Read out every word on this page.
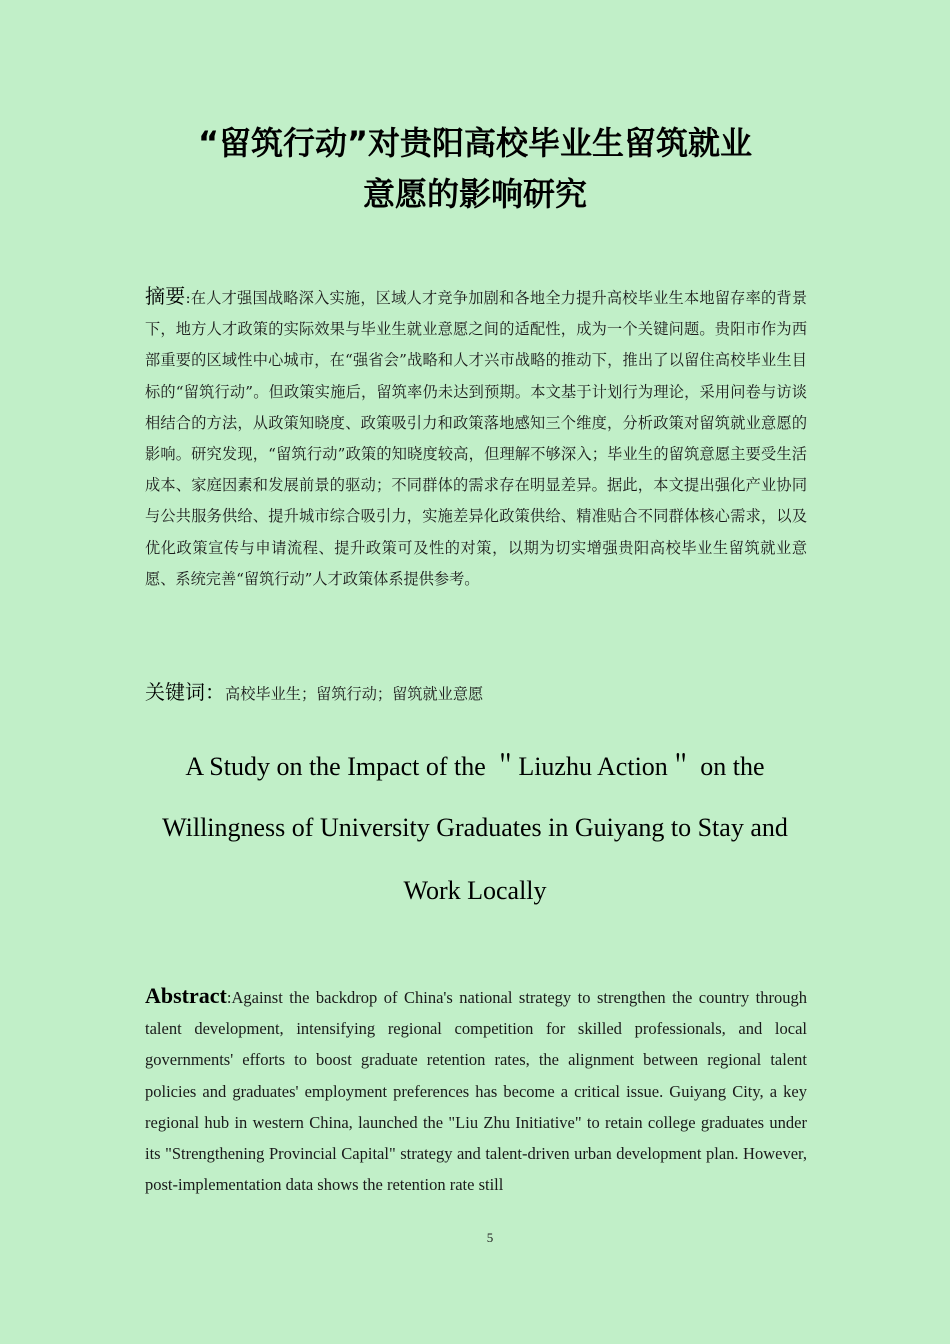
“留筑行动”对贵阳高校毕业生留筑就业
意愿的影响研究
摘要:在人才强国战略深入实施，区域人才竞争加剧和各地全力提升高校毕业生本地留存率的背景下，地方人才政策的实际效果与毕业生就业意愿之间的适配性，成为一个关键问题。贵阳市作为西部重要的区域性中心城市，在“强省会”战略和人才兴市战略的推动下，推出了以留住高校毕业生目标的“留筑行动”。但政策实施后，留筑率仍未达到预期。本文基于计划行为理论，采用问卷与访谈相结合的方法，从政策知晓度、政策吸引力和政策落地感知三个维度，分析政策对留筑就业意愿的影响。研究发现，“留筑行动”政策的知晓度较高，但理解不够深入；毕业生的留筑意愿主要受生活成本、家庭因素和发展前景的驱动；不同群体的需求存在明显差异。据此，本文提出强化产业协同与公共服务供给、提升城市综合吸引力，实施差异化政策供给、精准贴合不同群体核心需求，以及优化政策宣传与申请流程、提升政策可及性的对策，以期为切实增强贵阳高校毕业生留筑就业意愿、系统完善“留筑行动”人才政策体系提供参考。
关键词：高校毕业生；留筑行动；留筑就业意愿
A Study on the Impact of the ＂Liuzhu Action＂ on the
Willingness of University Graduates in Guiyang to Stay and
Work Locally
Abstract:Against the backdrop of China's national strategy to strengthen the country through talent development, intensifying regional competition for skilled professionals, and local governments' efforts to boost graduate retention rates, the alignment between regional talent policies and graduates' employment preferences has become a critical issue. Guiyang City, a key regional hub in western China, launched the "Liu Zhu Initiative" to retain college graduates under its "Strengthening Provincial Capital" strategy and talent-driven urban development plan. However, post-implementation data shows the retention rate still
5
